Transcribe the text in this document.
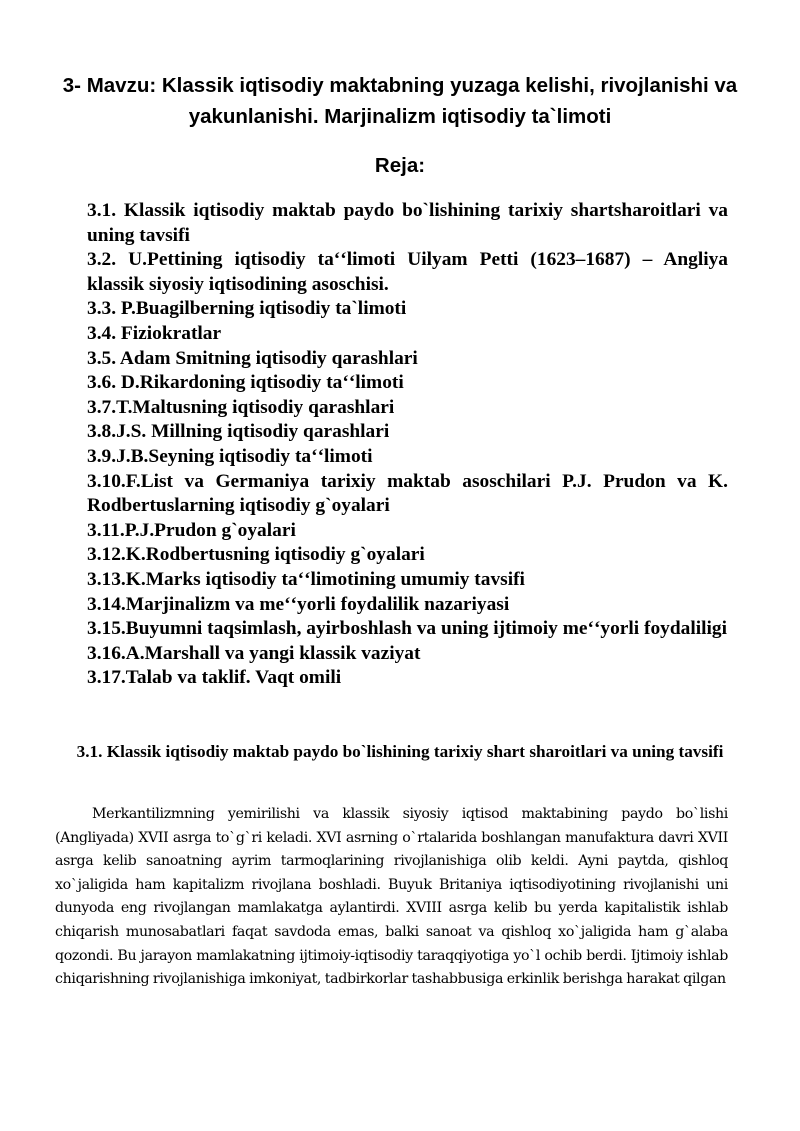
3- Mavzu: Klassik iqtisodiy maktabning yuzaga kelishi, rivojlanishi va yakunlanishi. Marjinalizm iqtisodiy ta`limoti
Reja:
3.1. Klassik iqtisodiy maktab paydo bo`lishining tarixiy shartsharoitlari va uning tavsifi
3.2. U.Pettining iqtisodiy taʻʻlimoti Uilyam Petti (1623–1687) – Angliya klassik siyosiy iqtisodining asoschisi.
3.3. P.Buagilberning iqtisodiy ta`limoti
3.4. Fiziokratlar
3.5. Adam Smitning iqtisodiy qarashlari
3.6. D.Rikardoning iqtisodiy taʻʻlimoti
3.7.T.Maltusning iqtisodiy qarashlari
3.8.J.S. Millning iqtisodiy qarashlari
3.9.J.B.Seyning iqtisodiy taʻʻlimoti
3.10.F.List va Germaniya tarixiy maktab asoschilari P.J. Prudon va K. Rodbertuslarning iqtisodiy g`oyalari
3.11.P.J.Prudon g`oyalari
3.12.K.Rodbertusning iqtisodiy g`oyalari
3.13.K.Marks iqtisodiy taʻʻlimotining umumiy tavsifi
3.14.Marjinalizm va meʻʻyorli foydalilik nazariyasi
3.15.Buyumni taqsimlash, ayirboshlash va uning ijtimoiy meʻʻyorli foydaliligi
3.16.A.Marshall va yangi klassik vaziyat
3.17.Talab va taklif. Vaqt omili
3.1. Klassik iqtisodiy maktab paydo bo`lishining tarixiy shart sharoitlari va uning tavsifi

Merkantilizmning yemirilishi va klassik siyosiy iqtisod maktabining paydo bo`lishi (Angliyada) XVII asrga to`g`ri keladi. XVI asrning o`rtalarida boshlangan manufaktura davri XVII asrga kelib sanoatning ayrim tarmoqlarining rivojlanishiga olib keldi. Ayni paytda, qishloq xo`jaligida ham kapitalizm rivojlana boshladi. Buyuk Britaniya iqtisodiyotining rivojlanishi uni dunyoda eng rivojlangan mamlakatga aylantirdi. XVIII asrga kelib bu yerda kapitalistik ishlab chiqarish munosabatlari faqat savdoda emas, balki sanoat va qishloq xo`jaligida ham g`alaba qozondi. Bu jarayon mamlakatning ijtimoiy-iqtisodiy taraqqiyotiga yo`l ochib berdi. Ijtimoiy ishlab chiqarishning rivojlanishiga imkoniyat, tadbirkorlar tashabbusiga erkinlik berishga harakat qilgan
